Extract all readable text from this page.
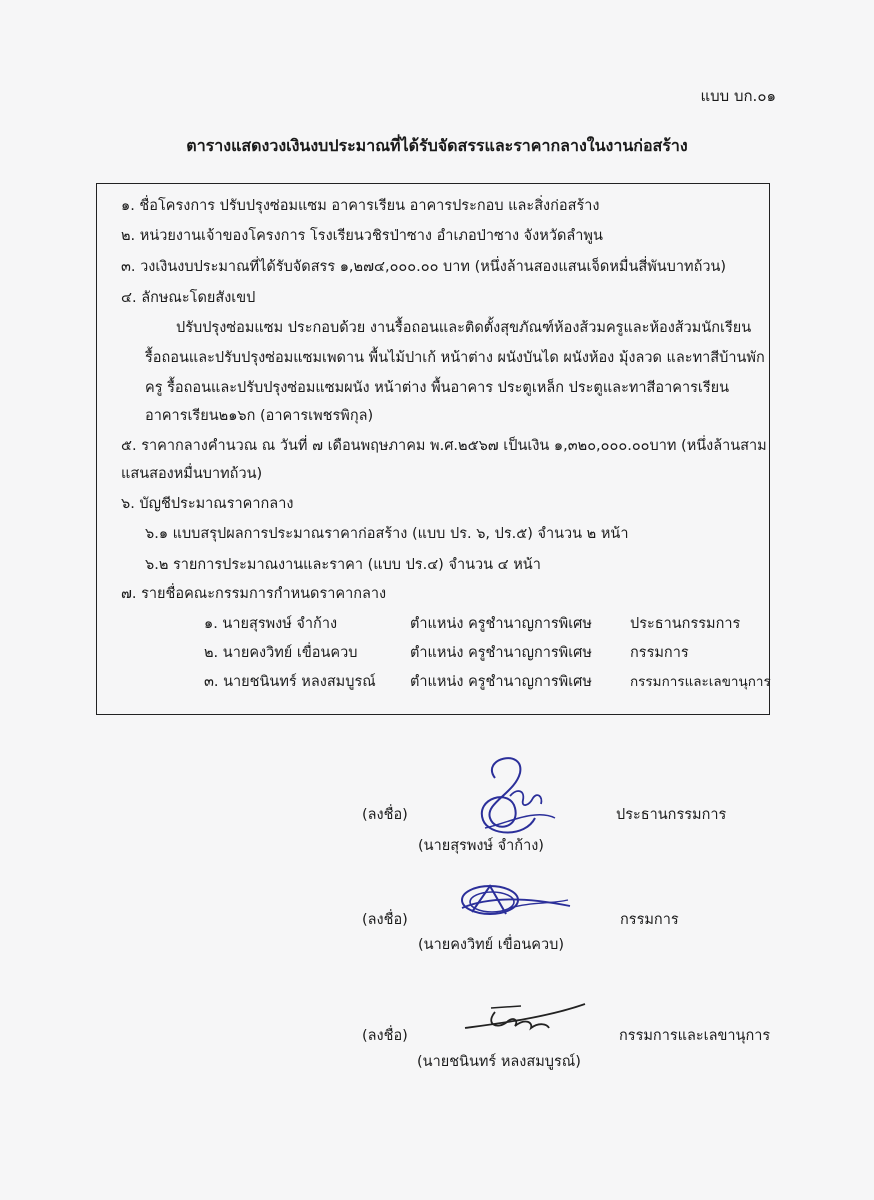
แบบ บก.๐๑
ตารางแสดงวงเงินงบประมาณที่ได้รับจัดสรรและราคากลางในงานก่อสร้าง
๑. ชื่อโครงการ ปรับปรุงซ่อมแซม อาคารเรียน อาคารประกอบ และสิ่งก่อสร้าง
๒. หน่วยงานเจ้าของโครงการ โรงเรียนวชิรป่าซาง อำเภอป่าซาง จังหวัดลำพูน
๓. วงเงินงบประมาณที่ได้รับจัดสรร ๑,๒๗๔,๐๐๐.๐๐ บาท (หนึ่งล้านสองแสนเจ็ดหมื่นสี่พันบาทถ้วน)
๔. ลักษณะโดยสังเขป
ปรับปรุงซ่อมแซม ประกอบด้วย งานรื้อถอนและติดตั้งสุขภัณฑ์ห้องส้วมครูและห้องส้วมนักเรียน
รื้อถอนและปรับปรุงซ่อมแซมเพดาน พื้นไม้ปาเก้ หน้าต่าง ผนังบันได ผนังห้อง มุ้งลวด และทาสีบ้านพัก
ครู รื้อถอนและปรับปรุงซ่อมแซมผนัง หน้าต่าง พื้นอาคาร ประตูเหล็ก ประตูและทาสีอาคารเรียน
อาคารเรียน๒๑๖ก (อาคารเพชรพิกุล)
๕. ราคากลางคำนวณ ณ วันที่ ๗ เดือนพฤษภาคม พ.ศ.๒๕๖๗ เป็นเงิน ๑,๓๒๐,๐๐๐.๐๐บาท (หนึ่งล้านสาม
แสนสองหมื่นบาทถ้วน)
๖. บัญชีประมาณราคากลาง
๖.๑ แบบสรุปผลการประมาณราคาก่อสร้าง (แบบ ปร. ๖, ปร.๕) จำนวน ๒ หน้า
๖.๒ รายการประมาณงานและราคา (แบบ ปร.๔) จำนวน ๔ หน้า
๗. รายชื่อคณะกรรมการกำหนดราคากลาง
๑. นายสุรพงษ์ จำก้าง	ตำแหน่ง ครูชำนาญการพิเศษ	ประธานกรรมการ
๒. นายคงวิทย์ เขื่อนควบ	ตำแหน่ง ครูชำนาญการพิเศษ	กรรมการ
๓. นายชนินทร์ หลงสมบูรณ์ ตำแหน่ง ครูชำนาญการพิเศษ	กรรมการและเลขานุการ
(ลงชื่อ)	ประธานกรรมการ
(นายสุรพงษ์ จำก้าง)
(ลงชื่อ)	กรรมการ
(นายคงวิทย์ เขื่อนควบ)
(ลงชื่อ)	กรรมการและเลขานุการ
(นายชนินทร์ หลงสมบูรณ์)
